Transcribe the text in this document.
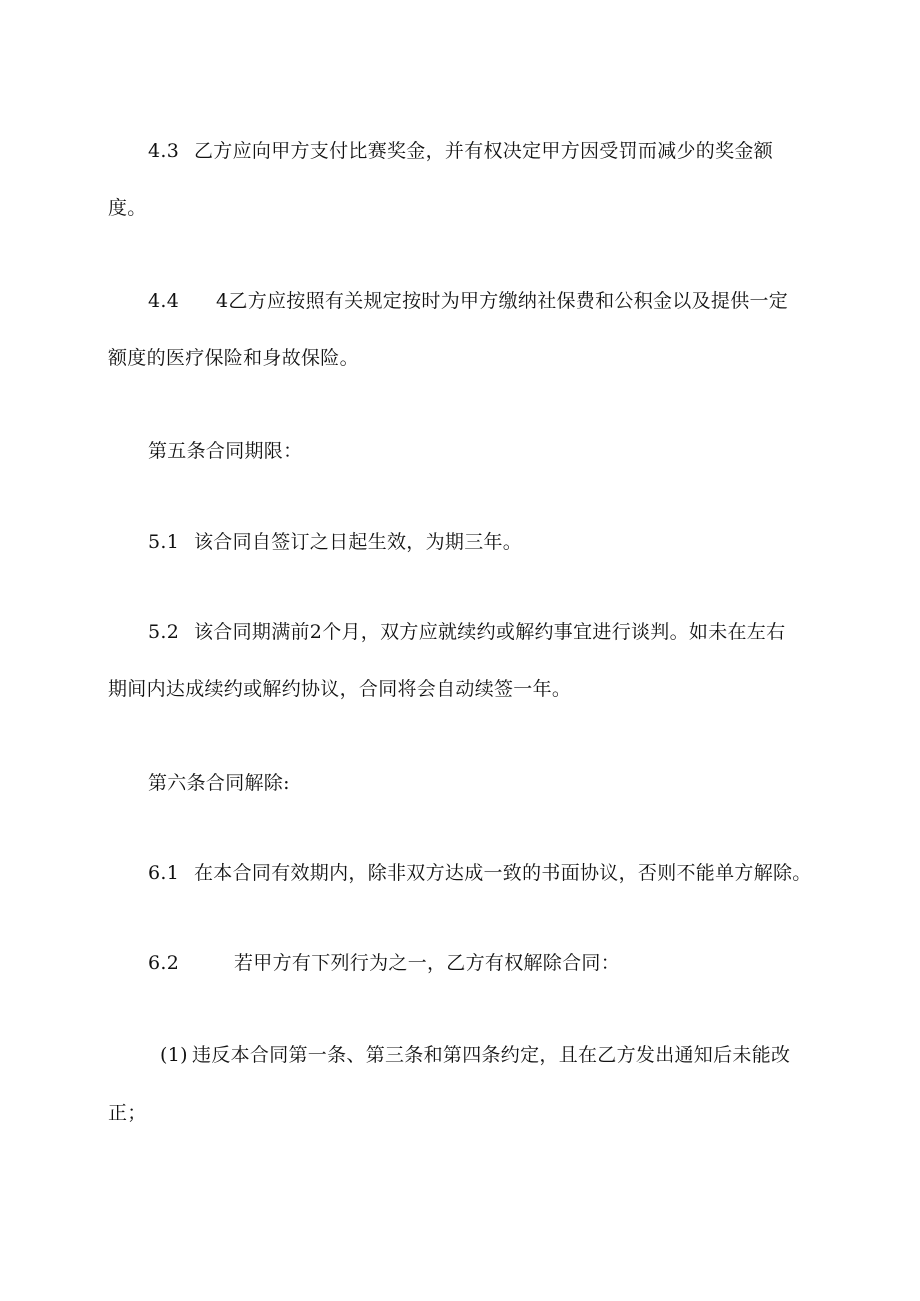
4.3 乙方应向甲方支付比赛奖金，并有权决定甲方因受罚而减少的奖金额
度。
4.4 4乙方应按照有关规定按时为甲方缴纳社保费和公积金以及提供一定
额度的医疗保险和身故保险。
第五条合同期限：
5.1 该合同自签订之日起生效，为期三年。
5.2 该合同期满前2个月，双方应就续约或解约事宜进行谈判。如未在左右
期间内达成续约或解约协议，合同将会自动续签一年。
第六条合同解除:
6.1 在本合同有效期内，除非双方达成一致的书面协议，否则不能单方解除。
6.2	若甲方有下列行为之一，乙方有权解除合同：
(1) 违反本合同第一条、第三条和第四条约定，且在乙方发出通知后未能改
正；
